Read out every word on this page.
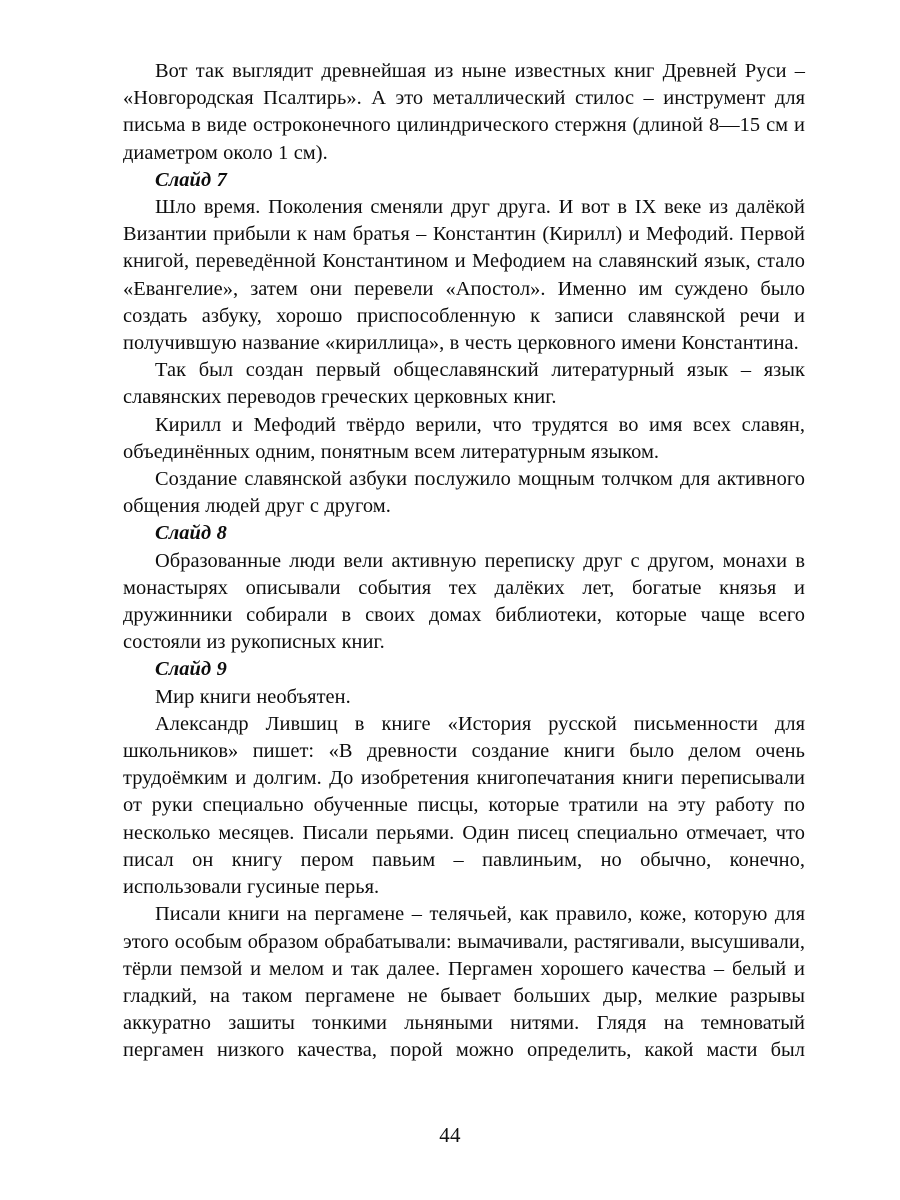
Вот так выглядит древнейшая из ныне известных книг Древней Руси – «Новгородская Псалтирь». А это металлический стилос – инструмент для письма в виде остроконечного цилиндрического стержня (длиной 8—15 см и диаметром около 1 см).

Слайд 7

Шло время. Поколения сменяли друг друга. И вот в IX веке из далёкой Византии прибыли к нам братья – Константин (Кирилл) и Мефодий. Первой книгой, переведённой Константином и Мефодием на славянский язык, стало «Евангелие», затем они перевели «Апостол». Именно им суждено было создать азбуку, хорошо приспособленную к записи славянской речи и получившую название «кириллица», в честь церковного имени Константина.

Так был создан первый общеславянский литературный язык – язык славянских переводов греческих церковных книг.

Кирилл и Мефодий твёрдо верили, что трудятся во имя всех славян, объединённых одним, понятным всем литературным языком.

Создание славянской азбуки послужило мощным толчком для активного общения людей друг с другом.

Слайд 8

Образованные люди вели активную переписку друг с другом, монахи в монастырях описывали события тех далёких лет, богатые князья и дружинники собирали в своих домах библиотеки, которые чаще всего состояли из рукописных книг.

Слайд 9

Мир книги необъятен.

Александр Лившиц в книге «История русской письменности для школьников» пишет: «В древности создание книги было делом очень трудоёмким и долгим. До изобретения книгопечатания книги переписывали от руки специально обученные писцы, которые тратили на эту работу по несколько месяцев. Писали перьями. Один писец специально отмечает, что писал он книгу пером павьим – павлиньим, но обычно, конечно, использовали гусиные перья.

Писали книги на пергамене – телячьей, как правило, коже, которую для этого особым образом обрабатывали: вымачивали, растягивали, высушивали, тёрли пемзой и мелом и так далее. Пергамен хорошего качества – белый и гладкий, на таком пергамене не бывает больших дыр, мелкие разрывы аккуратно зашиты тонкими льняными нитями. Глядя на темноватый пергамен низкого качества, порой можно определить, какой масти был

44
